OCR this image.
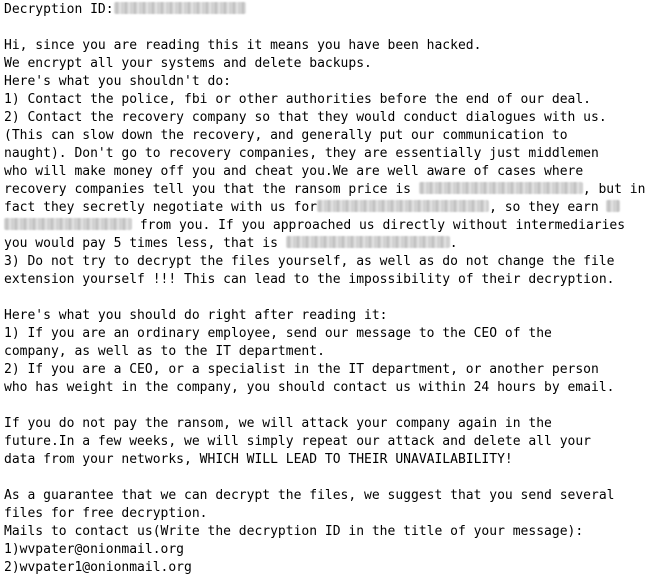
Decryption ID:
Hi, since you are reading this it means you have been hacked.
We encrypt all your systems and delete backups.
Here's what you shouldn't do:
1) Contact the police, fbi or other authorities before the end of our deal.
2) Contact the recovery company so that they would conduct dialogues with us.
(This can slow down the recovery, and generally put our communication to
naught). Don't go to recovery companies, they are essentially just middlemen
who will make money off you and cheat you.We are well aware of cases where
recovery companies tell you that the ransom price is	, but in
fact they secretly negotiate with us for	, so they earn
from you. If you approached us directly without intermediaries
you would pay 5 times less, that is	.
3) Do not try to decrypt the files yourself, as well as do not change the file
extension yourself !!! This can lead to the impossibility of their decryption.
Here's what you should do right after reading it:
1) If you are an ordinary employee, send our message to the CEO of the
company, as well as to the IT department.
2) If you are a CEO, or a specialist in the IT department, or another person
who has weight in the company, you should contact us within 24 hours by email.
If you do not pay the ransom, we will attack your company again in the
future.In a few weeks, we will simply repeat our attack and delete all your
data from your networks, WHICH WILL LEAD TO THEIR UNAVAILABILITY!
As a guarantee that we can decrypt the files, we suggest that you send several
files for free decryption.
Mails to contact us(Write the decryption ID in the title of your message):
1)wvpater@onionmail.org
2)wvpater1@onionmail.org
